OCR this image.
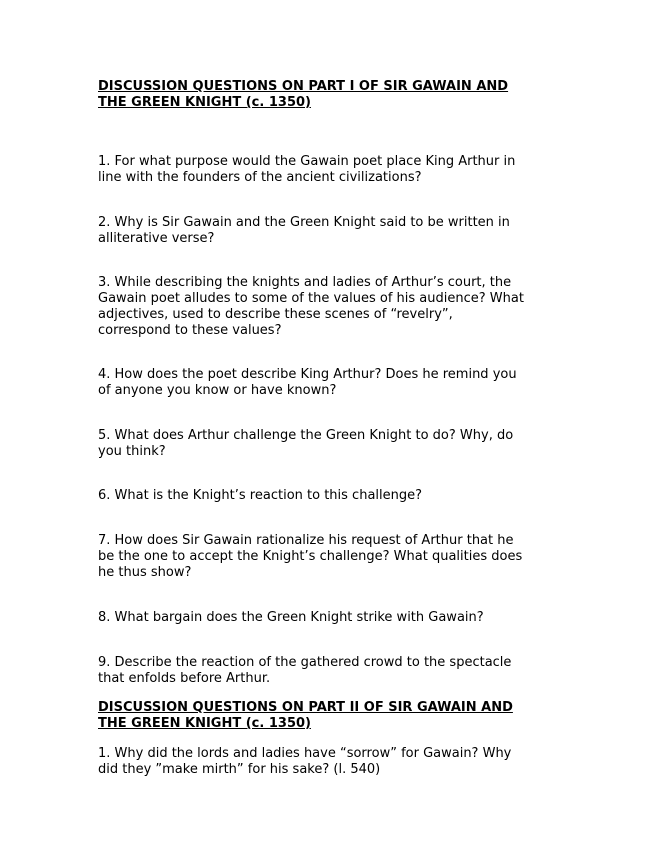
DISCUSSION QUESTIONS ON PART I OF SIR GAWAIN AND
THE GREEN KNIGHT (c. 1350)

1. For what purpose would the Gawain poet place King Arthur in
line with the founders of the ancient civilizations?

2. Why is Sir Gawain and the Green Knight said to be written in
alliterative verse?

3. While describing the knights and ladies of Arthur’s court, the
Gawain poet alludes to some of the values of his audience? What
adjectives, used to describe these scenes of “revelry”,
correspond to these values?

4. How does the poet describe King Arthur? Does he remind you
of anyone you know or have known?

5. What does Arthur challenge the Green Knight to do? Why, do
you think?

6. What is the Knight’s reaction to this challenge?

7. How does Sir Gawain rationalize his request of Arthur that he
be the one to accept the Knight’s challenge? What qualities does
he thus show?

8. What bargain does the Green Knight strike with Gawain?

9. Describe the reaction of the gathered crowd to the spectacle
that enfolds before Arthur.

DISCUSSION QUESTIONS ON PART II OF SIR GAWAIN AND
THE GREEN KNIGHT (c. 1350)

1. Why did the lords and ladies have “sorrow” for Gawain? Why
did they ”make mirth” for his sake? (l. 540)
